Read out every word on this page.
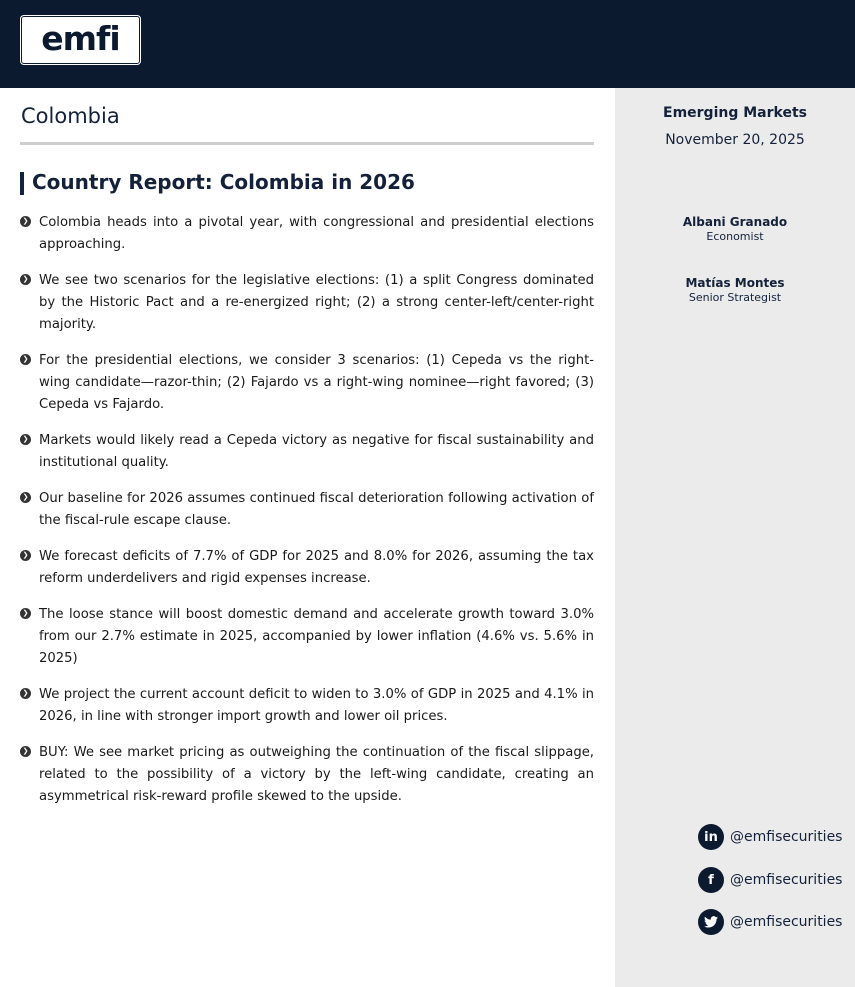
emfi
Colombia
Country Report: Colombia in 2026
❯ Colombia heads into a pivotal year, with congressional and presidential elections approaching.
❯ We see two scenarios for the legislative elections: (1) a split Congress dominated by the Historic Pact and a re-energized right; (2) a strong center-left/center-right majority.
❯ For the presidential elections, we consider 3 scenarios: (1) Cepeda vs the right-wing candidate—razor-thin; (2) Fajardo vs a right-wing nominee—right favored; (3) Cepeda vs Fajardo.
❯ Markets would likely read a Cepeda victory as negative for fiscal sustainability and institutional quality.
❯ Our baseline for 2026 assumes continued fiscal deterioration following activation of the fiscal-rule escape clause.
❯ We forecast deficits of 7.7% of GDP for 2025 and 8.0% for 2026, assuming the tax reform underdelivers and rigid expenses increase.
❯ The loose stance will boost domestic demand and accelerate growth toward 3.0% from our 2.7% estimate in 2025, accompanied by lower inflation (4.6% vs. 5.6% in 2025)
❯ We project the current account deficit to widen to 3.0% of GDP in 2025 and 4.1% in 2026, in line with stronger import growth and lower oil prices.
❯ BUY: We see market pricing as outweighing the continuation of the fiscal slippage, related to the possibility of a victory by the left-wing candidate, creating an asymmetrical risk-reward profile skewed to the upside.
Emerging Markets
November 20, 2025
Albani Granado
Economist
Matías Montes
Senior Strategist
in @emfisecurities
f	@emfisecurities
@emfisecurities
